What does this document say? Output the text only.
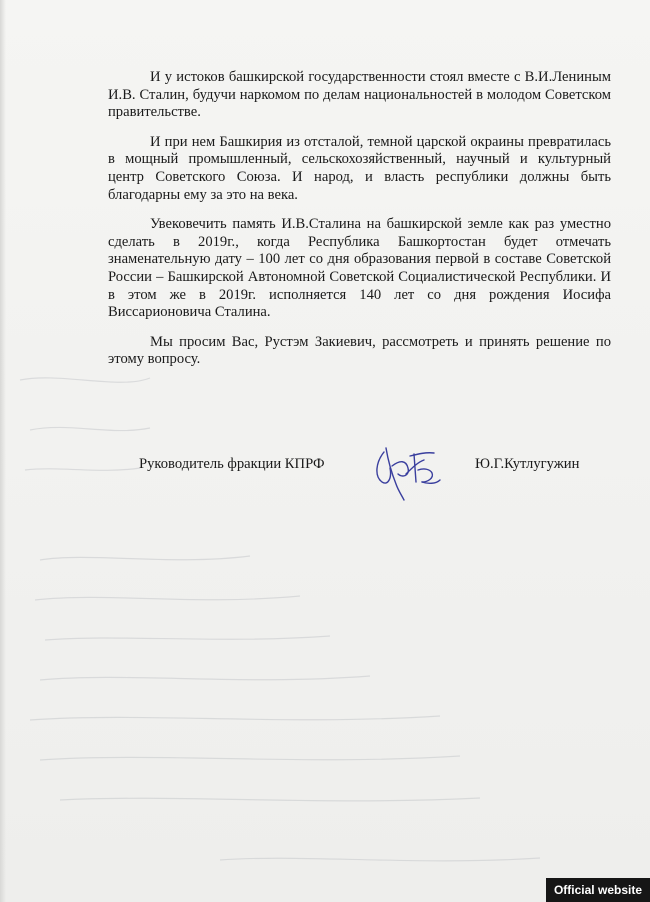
И у истоков башкирской государственности стоял вместе с В.И.Лениным И.В. Сталин, будучи наркомом по делам национальностей в молодом Советском правительстве.

И при нем Башкирия из отсталой, темной царской окраины превратилась в мощный промышленный, сельскохозяйственный, научный и культурный центр Советского Союза. И народ, и власть республики должны быть благодарны ему за это на века.

Увековечить память И.В.Сталина на башкирской земле как раз уместно сделать в 2019г., когда Республика Башкортостан будет отмечать знаменательную дату – 100 лет со дня образования первой в составе Советской России – Башкирской Автономной Советской Социалистической Республики. И в этом же в 2019г. исполняется 140 лет со дня рождения Иосифа Виссарионовича Сталина.

Мы просим Вас, Рустэм Закиевич, рассмотреть и принять решение по этому вопросу.

Руководитель фракции КПРФ	Ю.Г.Кутлугужин
Official website
